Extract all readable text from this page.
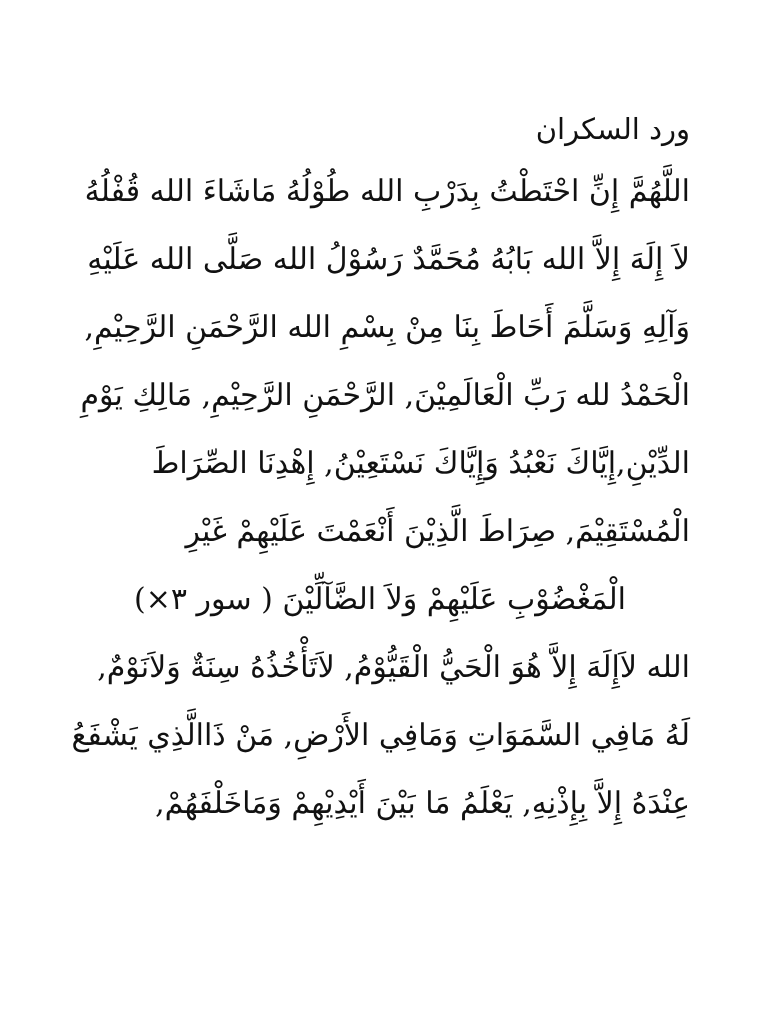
ورد السكران
اللَّهُمَّ إِنِّ احْتَطْتُ بِدَرْبِ الله طُوْلُهُ مَاشَاءَ الله قُفْلُهُ
لاَ إِلَهَ إِلاَّ الله بَابُهُ مُحَمَّدٌ رَسُوْلُ الله صَلَّى الله عَلَيْهِ
وَآلِهِ وَسَلَّمَ أَحَاطَ بِنَا مِنْ بِسْمِ الله الرَّحْمَنِ الرَّحِيْمِ,
الْحَمْدُ لله رَبِّ الْعَالَمِيْنَ, الرَّحْمَنِ الرَّحِيْمِ, مَالِكِ يَوْمِ
الدِّيْنِ,إِيَّاكَ نَعْبُدُ وَإِيَّاكَ نَسْتَعِيْنُ, إِهْدِنَا الصِّرَاطَ
الْمُسْتَقِيْمَ, صِرَاطَ الَّذِيْنَ أَنْعَمْتَ عَلَيْهِمْ غَيْرِ
الْمَغْضُوْبِ عَلَيْهِمْ وَلاَ الضَّآلِّيْنَ ( سور ٣×)
الله لاَإِلَهَ إِلاَّ هُوَ الْحَيُّ الْقَيُّوْمُ, لاَتَأْخُذُهُ سِنَةٌ وَلاَنَوْمٌ,
لَهُ مَافِي السَّمَوَاتِ وَمَافِي الأَرْضِ, مَنْ ذَاالَّذِي يَشْفَعُ
عِنْدَهُ إِلاَّ بِإِذْنِهِ, يَعْلَمُ مَا بَيْنَ أَيْدِيْهِمْ وَمَاخَلْفَهُمْ,
